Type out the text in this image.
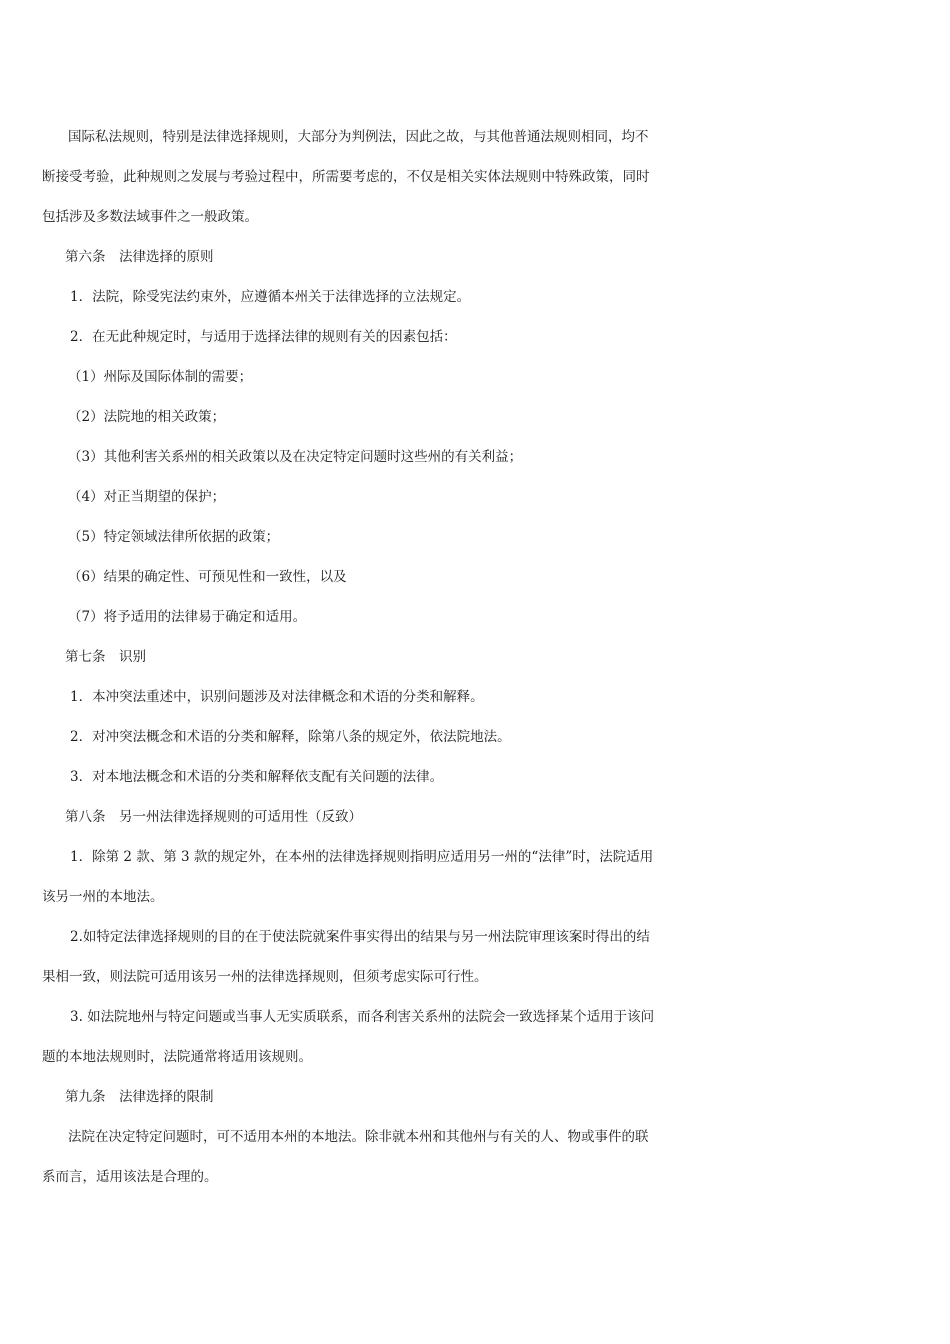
国际私法规则，特别是法律选择规则，大部分为判例法，因此之故，与其他普通法规则相同，均不
断接受考验，此种规则之发展与考验过程中，所需要考虑的，不仅是相关实体法规则中特殊政策，同时
包括涉及多数法域事件之一般政策。
第六条　法律选择的原则
1．法院，除受宪法约束外，应遵循本州关于法律选择的立法规定。
2．在无此种规定时，与适用于选择法律的规则有关的因素包括：
（1）州际及国际体制的需要；
（2）法院地的相关政策；
（3）其他利害关系州的相关政策以及在决定特定问题时这些州的有关利益；
（4）对正当期望的保护；
（5）特定领域法律所依据的政策；
（6）结果的确定性、可预见性和一致性，以及
（7）将予适用的法律易于确定和适用。
第七条　识别
1．本冲突法重述中，识别问题涉及对法律概念和术语的分类和解释。
2．对冲突法概念和术语的分类和解释，除第八条的规定外，依法院地法。
3．对本地法概念和术语的分类和解释依支配有关问题的法律。
第八条　另一州法律选择规则的可适用性（反致）
1．除第 2 款、第 3 款的规定外，在本州的法律选择规则指明应适用另一州的“法律”时，法院适用
该另一州的本地法。
2.如特定法律选择规则的目的在于使法院就案件事实得出的结果与另一州法院审理该案时得出的结
果相一致，则法院可适用该另一州的法律选择规则，但须考虑实际可行性。
3. 如法院地州与特定问题或当事人无实质联系，而各利害关系州的法院会一致选择某个适用于该问
题的本地法规则时，法院通常将适用该规则。
第九条　法律选择的限制
法院在决定特定问题时，可不适用本州的本地法。除非就本州和其他州与有关的人、物或事件的联
系而言，适用该法是合理的。
